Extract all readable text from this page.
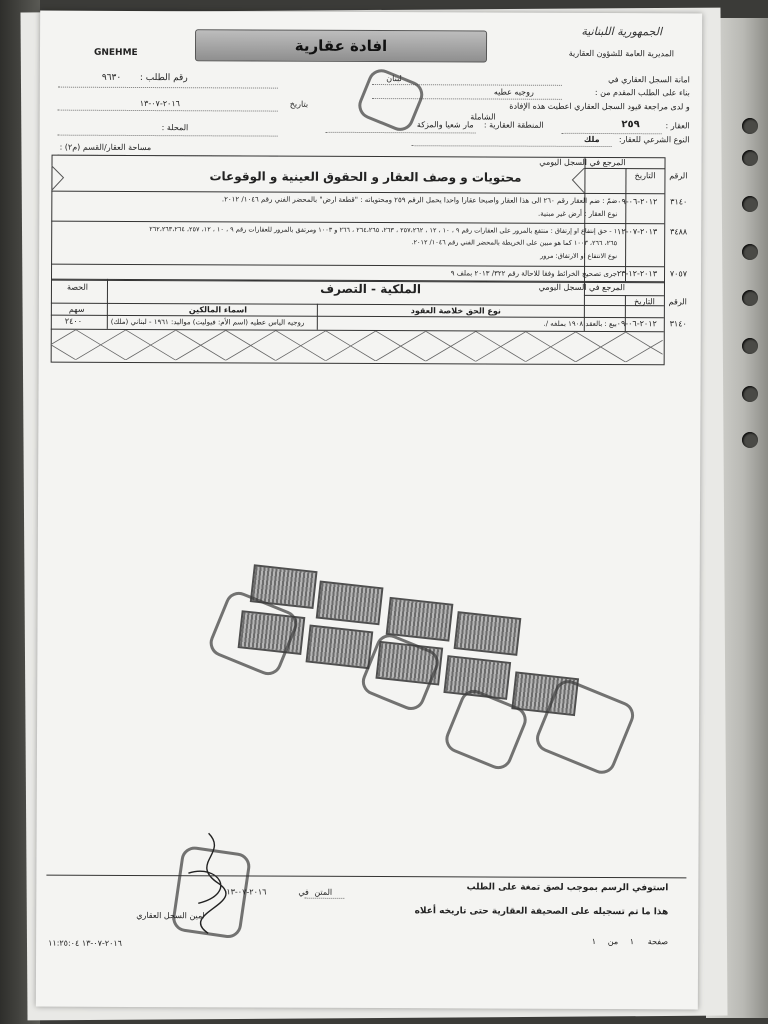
الجمهورية اللبنانية
المديرية العامة للشؤون العقارية
GNEHME	افادة عقارية
امانة السجل العقاري في
لبنان
رقم الطلب :
٩٦٣٠
بناء على الطلب المقدم من :
روجيه عطيه
بتاريخ
٢٠١٦-٠٧-١٣	و لدى مراجعة قيود السجل العقاري اعطيت هذه الإفادة
الشاملة
العقار :
٢٥٩
المنطقة العقارية :
مار شعيا والمزكة
المحلة :
النوع الشرعي للعقار:
ملك
مساحة العقار/القسم (م٢) :
المرجع في السجل اليومي
الرقم
التاريخ
محتويات و وصف العقار و الحقوق العينية و الوقوعات
٣١٤٠
٢٠١٢-٠٦-٠٩
ضمّ : ضم العقار رقم ٢٦٠ الى هذا العقار واصبحا عقارا واحدا يحمل الرقم ٢٥٩ ومحتوياته : "قطعة ارض" بالمحضر الفني رقم ١٠٤٦/ ٢٠١٢.
نوع العقار : أرض غير مبنية.
٣٤٨٨
٢٠١٣-٠٧-١٢
١ - حق إنتفاع او إرتفاق : منتفع بالمرور على العقارات رقم ٩ ، ١٠ ، ١٢ ، ٢٥٧،٢٦٢ ، ٢٦٣، ٢٦٤،٢٦٥ ، ٢٦٦ و ١٠٠٣ ومرتفق بالمرور للعقارات رقم ٩ ، ١٠ ، ١٢، ٢٥٧، ٢٦٢،٢٦٣،٢٦٤
٢٦٥، ٢٦٦، ١٠٠٣ كما هو مبين على الخريطة بالمحضر الفني رقم ١٠٤٦/ ٢٠١٢.
نوع الانتفاع او الارتفاق: مرور
٧٠٥٧
٢٠١٣-١٢-٢٣
جرى تصحيح الخرائط وفقا للاحالة رقم ٣٢٢/ ٢٠١٣ بملف ٩
المرجع في السجل اليومي
الملكية - التصرف
الحصة
الرقم
التاريخ
نوع الحق خلاصة العقود
اسماء المالكين
سهم
٣١٤٠
٢٠١٢-٠٦-٠٩
بيع : بالعقد ١٩٠٨ بملفه /.
روجيه الياس عطيه (اسم الأم: فيوليت) مواليد: ١٩٦١ - لبناني (ملك)
٢٤٠٠
استوفي الرسم بموجب لصق تمغة على الطلب
هذا ما تم تسجيله على الصحيفة العقارية حتى تاريخه أعلاه
المتن
في
٢٠١٦-٠٧-١٣
امين السجل العقاري
صفحة
١
من
١
٢٠١٦-٠٧-١٣ ١١:٢٥:٠٤
